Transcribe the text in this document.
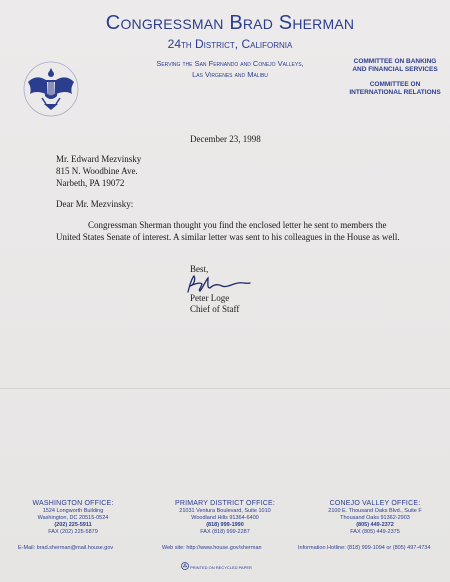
Congressman Brad Sherman
24th District, California
Serving the San Fernando and Conejo Valleys,
Las Virgenes and Malibu
COMMITTEE ON BANKING
AND FINANCIAL SERVICES
COMMITTEE ON
INTERNATIONAL RELATIONS
December 23, 1998
Mr. Edward Mezvinsky
815 N. Woodbine Ave.
Narbeth, PA 19072
Dear Mr. Mezvinsky:
Congressman Sherman thought you find the enclosed letter he sent to members the United States Senate of interest. A similar letter was sent to his colleagues in the House as well.
Best,
Peter Loge
Chief of Staff
WASHINGTON OFFICE:
1524 Longworth Building
Washington, DC 20515-0524
(202) 225-5911
FAX (202) 225-5879
PRIMARY DISTRICT OFFICE:
21031 Ventura Boulevard, Suite 1010
Woodland Hills 91364-6400
(818) 999-1990
FAX (818) 999-2287
CONEJO VALLEY OFFICE:
2100 E. Thousand Oaks Blvd., Suite F
Thousand Oaks 91362-2903
(805) 449-2372
FAX (805) 449-2375
E-Mail: brad.sherman@mail.house.gov	Web site: http://www.house.gov/sherman	Information Hotline: (818) 999-1094 or (805) 497-4734
PRINTED ON RECYCLED PAPER
